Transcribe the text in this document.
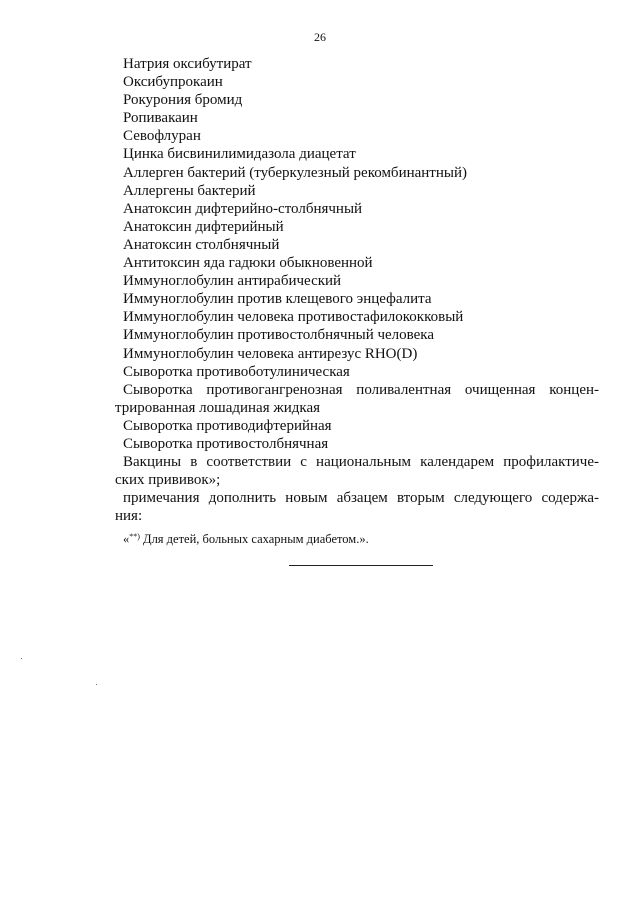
26
Натрия оксибутират
Оксибупрокаин
Рокурония бромид
Ропивакаин
Севофлуран
Цинка бисвинилимидазола диацетат
Аллерген бактерий (туберкулезный рекомбинантный)
Аллергены бактерий
Анатоксин дифтерийно-столбнячный
Анатоксин дифтерийный
Анатоксин столбнячный
Антитоксин яда гадюки обыкновенной
Иммуноглобулин антирабический
Иммуноглобулин против клещевого энцефалита
Иммуноглобулин человека противостафилококковый
Иммуноглобулин противостолбнячный человека
Иммуноглобулин человека антирезус RHO(D)
Сыворотка противоботулиническая
Сыворотка противогангренозная поливалентная очищенная концен-
трированная лошадиная жидкая
Сыворотка противодифтерийная
Сыворотка противостолбнячная
Вакцины в соответствии с национальным календарем профилактиче-
ских прививок»;
примечания дополнить новым абзацем вторым следующего содержа-
ния:
«**) Для детей, больных сахарным диабетом.».
